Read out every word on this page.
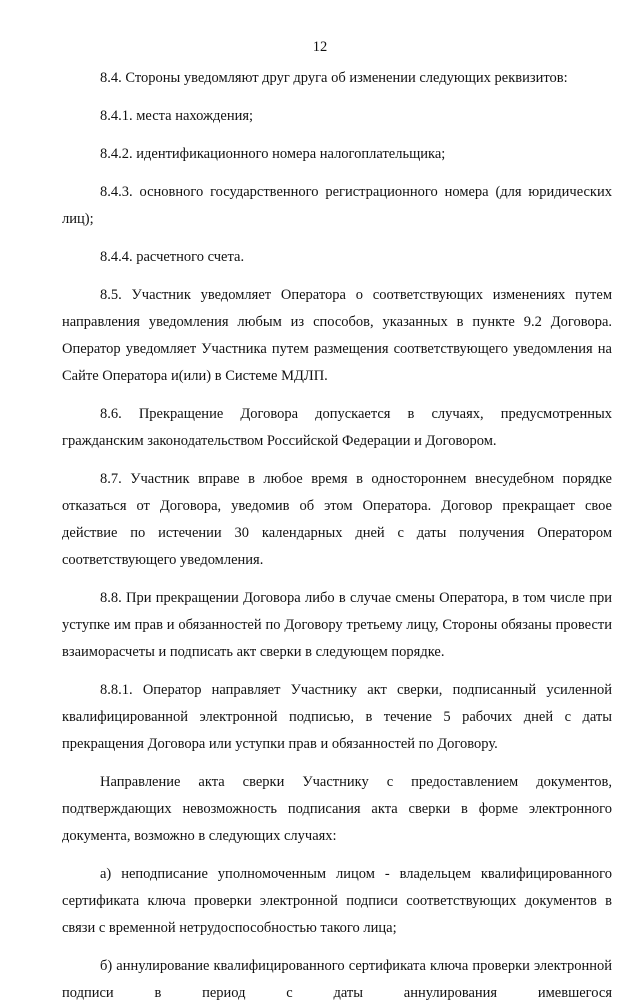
12

8.4. Стороны уведомляют друг друга об изменении следующих реквизитов:

8.4.1. места нахождения;

8.4.2. идентификационного номера налогоплательщика;

8.4.3. основного государственного регистрационного номера (для юридических лиц);

8.4.4. расчетного счета.

8.5. Участник уведомляет Оператора о соответствующих изменениях путем направления уведомления любым из способов, указанных в пункте 9.2 Договора. Оператор уведомляет Участника путем размещения соответствующего уведомления на Сайте Оператора и(или) в Системе МДЛП.

8.6. Прекращение Договора допускается в случаях, предусмотренных гражданским законодательством Российской Федерации и Договором.

8.7. Участник вправе в любое время в одностороннем внесудебном порядке отказаться от Договора, уведомив об этом Оператора. Договор прекращает свое действие по истечении 30 календарных дней с даты получения Оператором соответствующего уведомления.

8.8. При прекращении Договора либо в случае смены Оператора, в том числе при уступке им прав и обязанностей по Договору третьему лицу, Стороны обязаны провести взаиморасчеты и подписать акт сверки в следующем порядке.

8.8.1. Оператор направляет Участнику акт сверки, подписанный усиленной квалифицированной электронной подписью, в течение 5 рабочих дней с даты прекращения Договора или уступки прав и обязанностей по Договору.

Направление акта сверки Участнику с предоставлением документов, подтверждающих невозможность подписания акта сверки в форме электронного документа, возможно в следующих случаях:

а) неподписание уполномоченным лицом - владельцем квалифицированного сертификата ключа проверки электронной подписи соответствующих документов в связи с временной нетрудоспособностью такого лица;

б) аннулирование квалифицированного сертификата ключа проверки электронной подписи в период с даты аннулирования имевшегося
